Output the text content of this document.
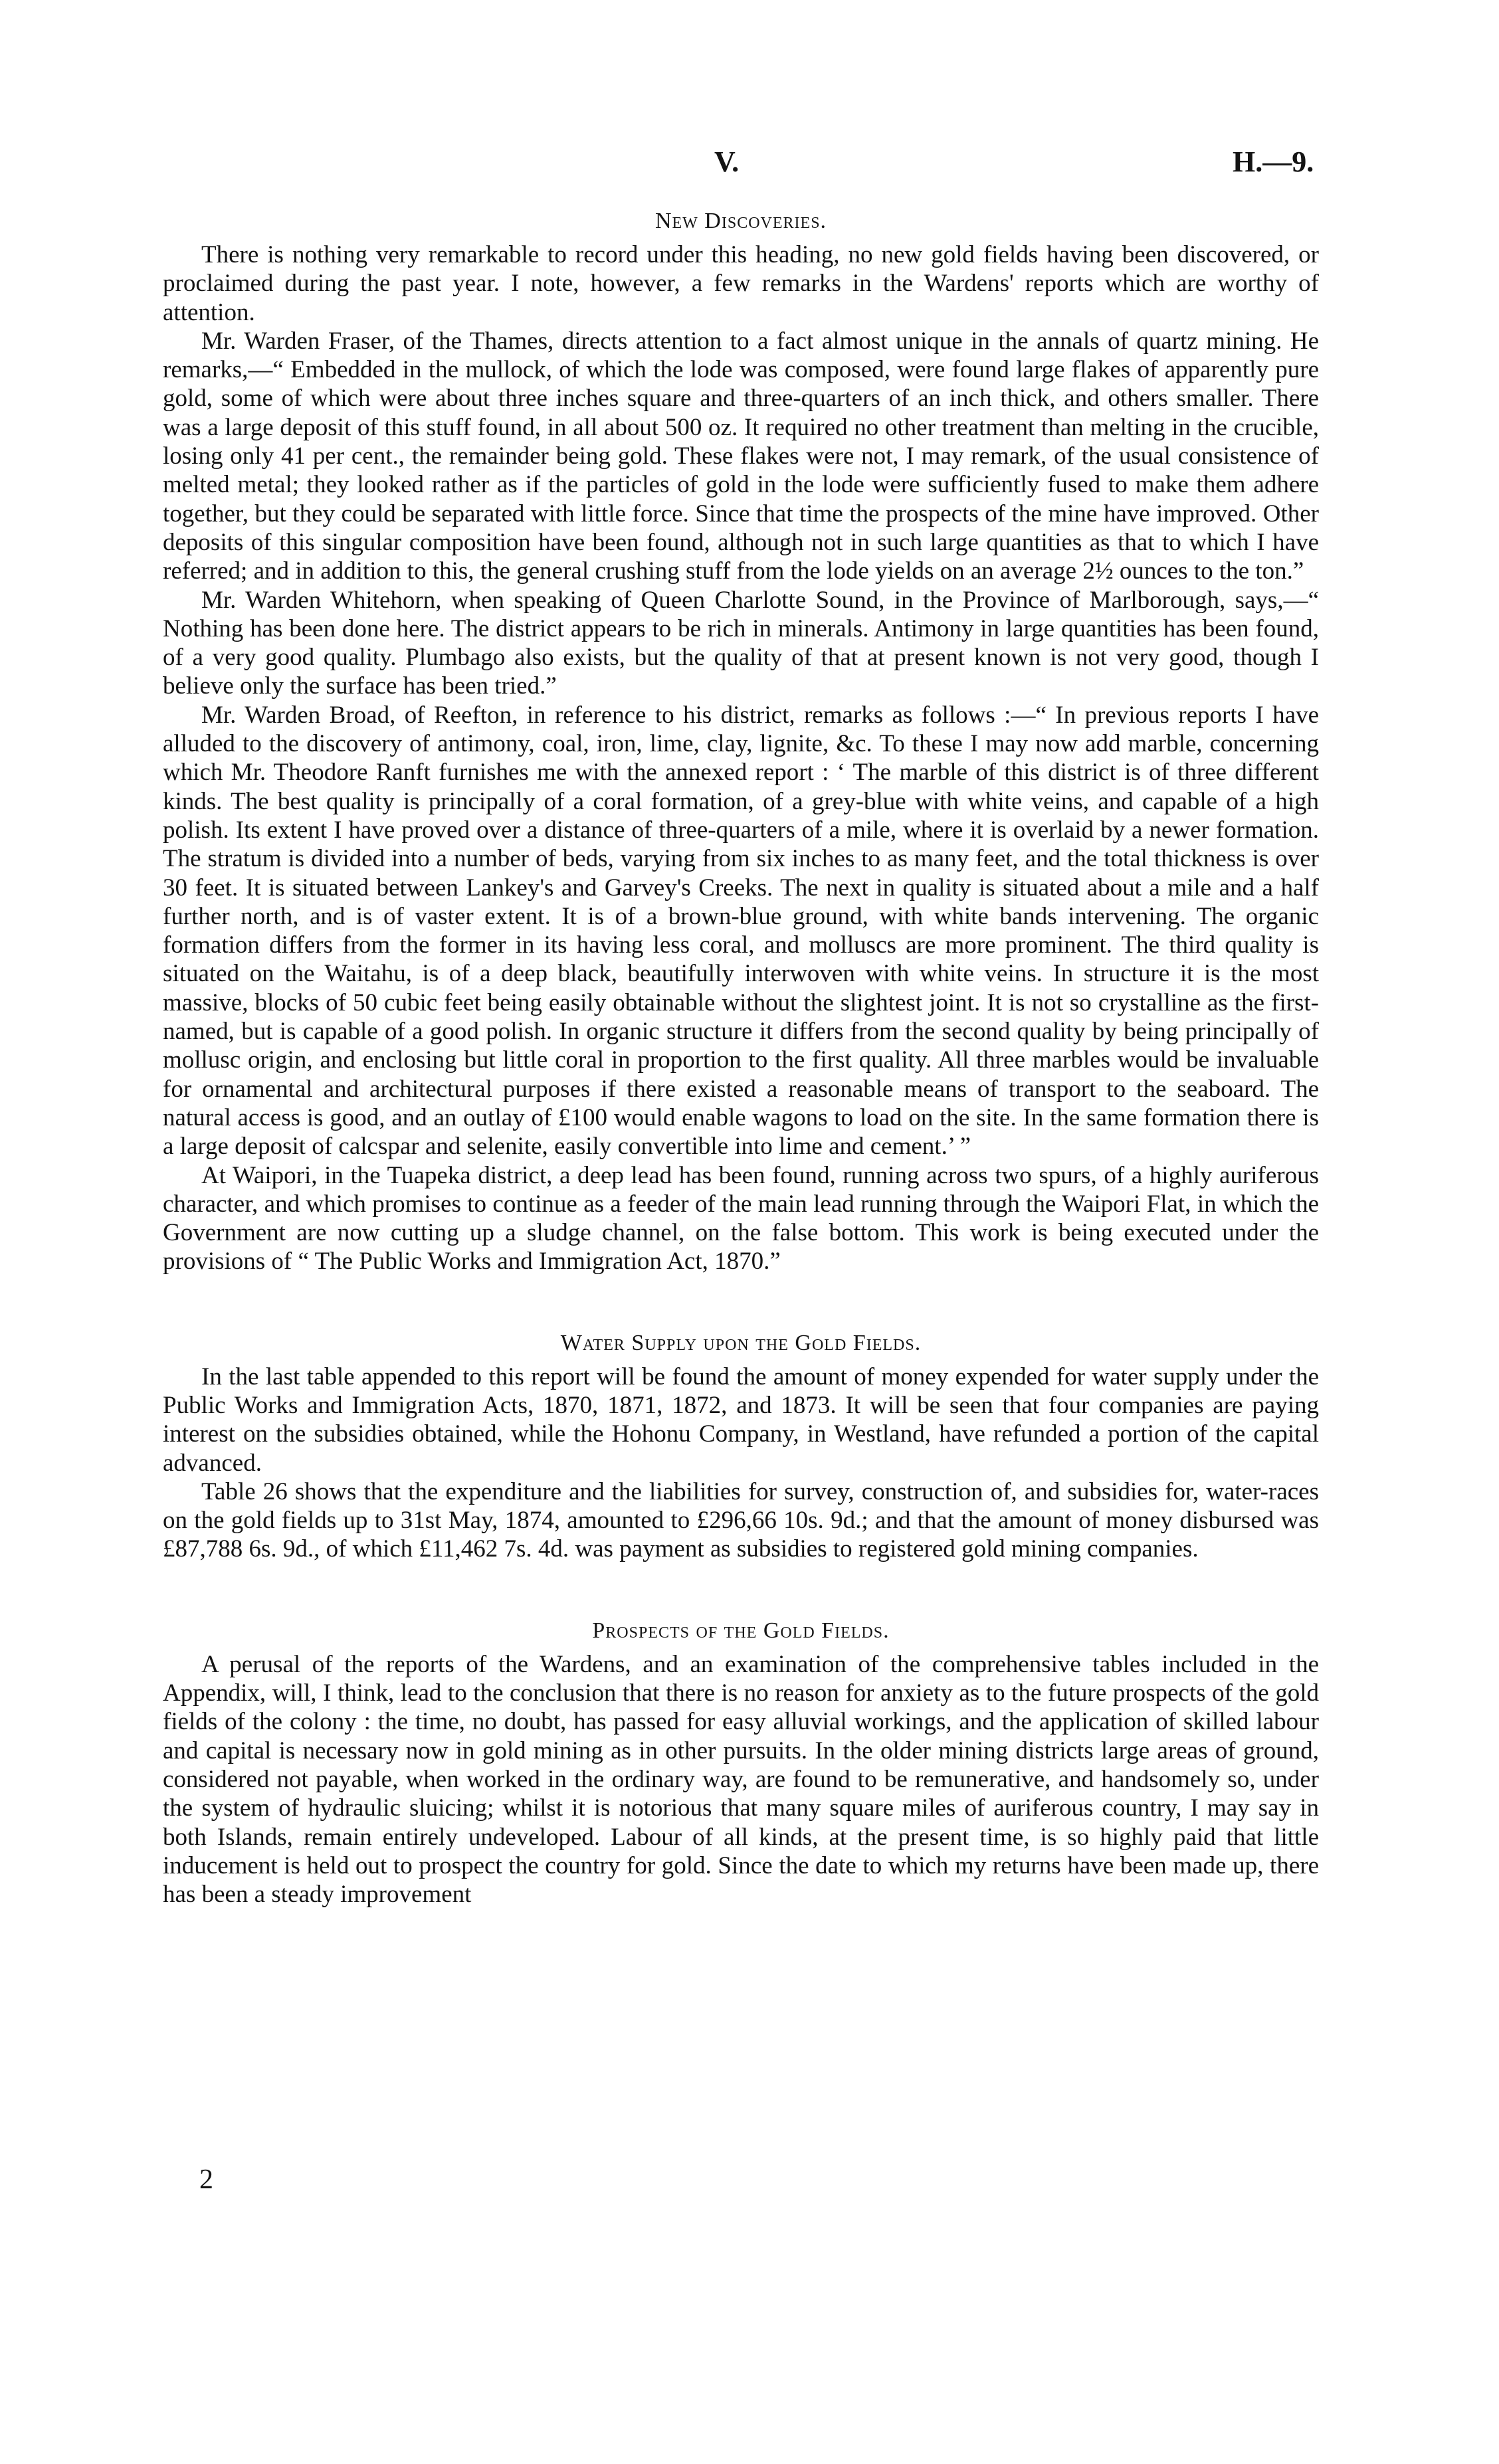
V.	H.—9.
New Discoveries.

There is nothing very remarkable to record under this heading, no new gold fields having been discovered, or proclaimed during the past year. I note, however, a few remarks in the Wardens' reports which are worthy of attention.

Mr. Warden Fraser, of the Thames, directs attention to a fact almost unique in the annals of quartz mining. He remarks,—“ Embedded in the mullock, of which the lode was composed, were found large flakes of apparently pure gold, some of which were about three inches square and three-quarters of an inch thick, and others smaller. There was a large deposit of this stuff found, in all about 500 oz. It required no other treatment than melting in the crucible, losing only 41 per cent., the remainder being gold. These flakes were not, I may remark, of the usual consistence of melted metal; they looked rather as if the particles of gold in the lode were sufficiently fused to make them adhere together, but they could be separated with little force. Since that time the prospects of the mine have improved. Other deposits of this singular composition have been found, although not in such large quantities as that to which I have referred; and in addition to this, the general crushing stuff from the lode yields on an average 2½ ounces to the ton.”

Mr. Warden Whitehorn, when speaking of Queen Charlotte Sound, in the Province of Marlborough, says,—“ Nothing has been done here. The district appears to be rich in minerals. Antimony in large quantities has been found, of a very good quality. Plumbago also exists, but the quality of that at present known is not very good, though I believe only the surface has been tried.”

Mr. Warden Broad, of Reefton, in reference to his district, remarks as follows :—“ In previous reports I have alluded to the discovery of antimony, coal, iron, lime, clay, lignite, &c. To these I may now add marble, concerning which Mr. Theodore Ranft furnishes me with the annexed report : ‘ The marble of this district is of three different kinds. The best quality is principally of a coral formation, of a grey-blue with white veins, and capable of a high polish. Its extent I have proved over a distance of three-quarters of a mile, where it is overlaid by a newer formation. The stratum is divided into a number of beds, varying from six inches to as many feet, and the total thickness is over 30 feet. It is situated between Lankey's and Garvey's Creeks. The next in quality is situated about a mile and a half further north, and is of vaster extent. It is of a brown-blue ground, with white bands intervening. The organic formation differs from the former in its having less coral, and molluscs are more prominent. The third quality is situated on the Waitahu, is of a deep black, beautifully interwoven with white veins. In structure it is the most massive, blocks of 50 cubic feet being easily obtainable without the slightest joint. It is not so crystalline as the first-named, but is capable of a good polish. In organic structure it differs from the second quality by being principally of mollusc origin, and enclosing but little coral in proportion to the first quality. All three marbles would be invaluable for ornamental and architectural purposes if there existed a reasonable means of transport to the seaboard. The natural access is good, and an outlay of £100 would enable wagons to load on the site. In the same formation there is a large deposit of calcspar and selenite, easily convertible into lime and cement.’ ”

At Waipori, in the Tuapeka district, a deep lead has been found, running across two spurs, of a highly auriferous character, and which promises to continue as a feeder of the main lead running through the Waipori Flat, in which the Government are now cutting up a sludge channel, on the false bottom. This work is being executed under the provisions of “ The Public Works and Immigration Act, 1870.”

Water Supply upon the Gold Fields.

In the last table appended to this report will be found the amount of money expended for water supply under the Public Works and Immigration Acts, 1870, 1871, 1872, and 1873. It will be seen that four companies are paying interest on the subsidies obtained, while the Hohonu Company, in Westland, have refunded a portion of the capital advanced.

Table 26 shows that the expenditure and the liabilities for survey, construction of, and subsidies for, water-races on the gold fields up to 31st May, 1874, amounted to £296,66 10s. 9d.; and that the amount of money disbursed was £87,788 6s. 9d., of which £11,462 7s. 4d. was payment as subsidies to registered gold mining companies.

Prospects of the Gold Fields.

A perusal of the reports of the Wardens, and an examination of the comprehensive tables included in the Appendix, will, I think, lead to the conclusion that there is no reason for anxiety as to the future prospects of the gold fields of the colony : the time, no doubt, has passed for easy alluvial workings, and the application of skilled labour and capital is necessary now in gold mining as in other pursuits. In the older mining districts large areas of ground, considered not payable, when worked in the ordinary way, are found to be remunerative, and handsomely so, under the system of hydraulic sluicing; whilst it is notorious that many square miles of auriferous country, I may say in both Islands, remain entirely undeveloped. Labour of all kinds, at the present time, is so highly paid that little inducement is held out to prospect the country for gold. Since the date to which my returns have been made up, there has been a steady improvement

2
